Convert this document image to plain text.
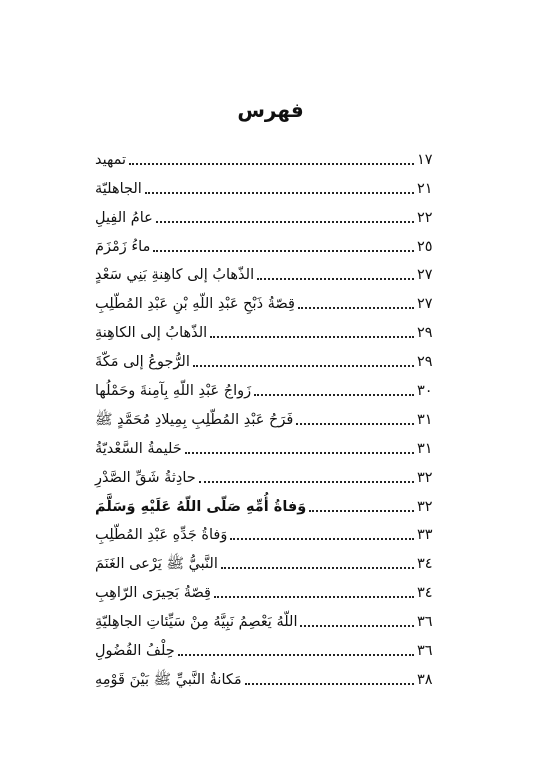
فهرس
تمهيد	١٧
الجاهليّة	٢١
عامُ الفِيلِ	٢٢
ماءُ زَمْزَمَ	٢٥
الذّهابُ إلى كاهِنةِ بَنِي سَعْدٍ	٢٧
قِصّةُ ذَبْحِ عَبْدِ اللّهِ بْنِ عَبْدِ المُطّلِبِ	٢٧
الذّهابُ إلى الكاهِنةِ	٢٩
الرُّجوعُ إلى مَكّةَ	٢٩
زَواجُ عَبْدِ اللّهِ بِآمِنةَ وحَمْلُها	٣٠
فَرَحُ عَبْدِ المُطّلِبِ بِمِيلادِ مُحَمَّدٍ ﷺ	٣١
حَليمةُ السَّعْديّةُ	٣١
حادِثةُ شَقِّ الصَّدْرِ	٣٢
وَفاةُ أُمِّهِ صَلّى اللّهُ عَلَيْهِ وَسَلَّمَ	٣٢
وَفاةُ جَدِّهِ عَبْدِ المُطّلِبِ	٣٣
النَّبيُّ ﷺ يَرْعى الغَنَمَ	٣٤
قِصّةُ بَحِيرَى الرّاهِبِ	٣٤
اللّهُ يَعْصِمُ نَبِيَّهُ مِنْ سَيِّئاتِ الجاهِليّةِ	٣٦
حِلْفُ الفُضُولِ	٣٦
مَكانةُ النَّبيِّ ﷺ بَيْنَ قَوْمِهِ	٣٨
